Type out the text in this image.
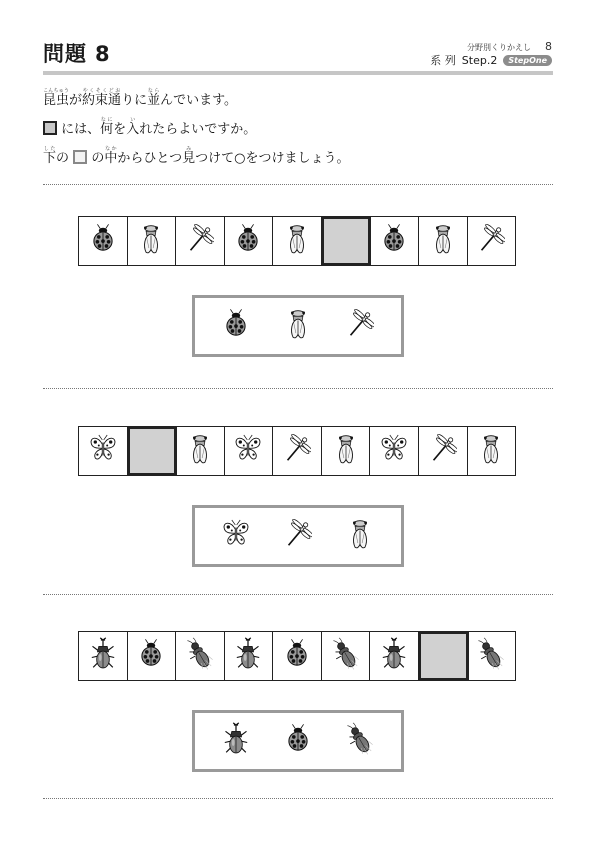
問題 8	分野別くりかえし 8
系 列 Step.2	StepOne
昆虫こんちゅうが約束やくそく通どおりに並ならんでいます。
には、何なにを入いれたらよいですか。
下したの の中なかからひとつ見みつけて○をつけましょう。
